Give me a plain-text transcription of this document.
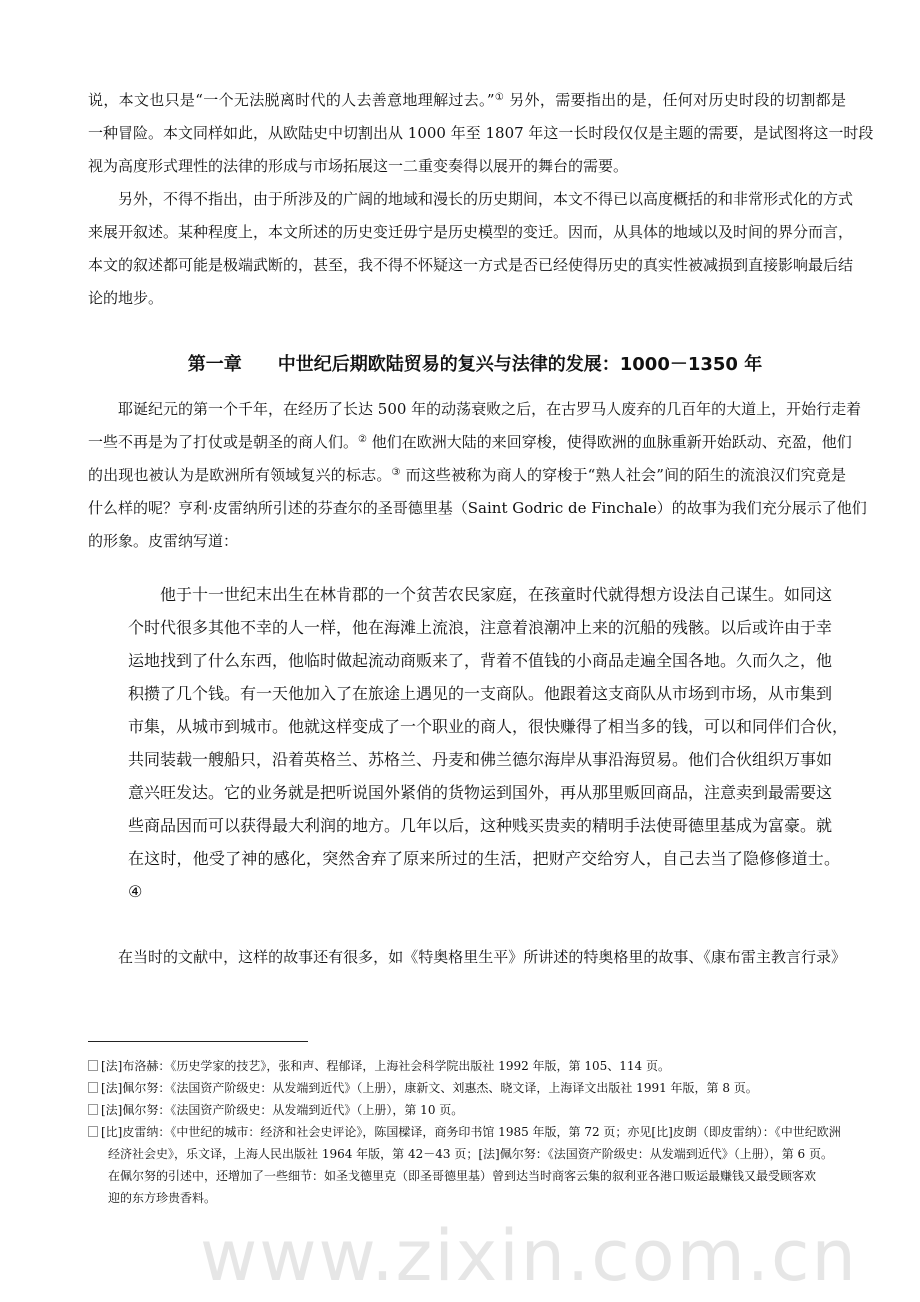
www.zixin.com.cn
说，本文也只是“一个无法脱离时代的人去善意地理解过去。”① 另外，需要指出的是，任何对历史时段的切割都是
一种冒险。本文同样如此，从欧陆史中切割出从 1000 年至 1807 年这一长时段仅仅是主题的需要，是试图将这一时段
视为高度形式理性的法律的形成与市场拓展这一二重变奏得以展开的舞台的需要。
　　另外，不得不指出，由于所涉及的广阔的地域和漫长的历史期间，本文不得已以高度概括的和非常形式化的方式
来展开叙述。某种程度上，本文所述的历史变迁毋宁是历史模型的变迁。因而，从具体的地域以及时间的界分而言，
本文的叙述都可能是极端武断的，甚至，我不得不怀疑这一方式是否已经使得历史的真实性被减损到直接影响最后结
论的地步。
第一章　　中世纪后期欧陆贸易的复兴与法律的发展：1000－1350 年
　　耶诞纪元的第一个千年，在经历了长达 500 年的动荡衰败之后，在古罗马人废弃的几百年的大道上，开始行走着
一些不再是为了打仗或是朝圣的商人们。② 他们在欧洲大陆的来回穿梭，使得欧洲的血脉重新开始跃动、充盈，他们
的出现也被认为是欧洲所有领域复兴的标志。③ 而这些被称为商人的穿梭于“熟人社会”间的陌生的流浪汉们究竟是
什么样的呢？亨利·皮雷纳所引述的芬查尔的圣哥德里基（Saint Godric de Finchale）的故事为我们充分展示了他们
的形象。皮雷纳写道：
　　他于十一世纪末出生在林肯郡的一个贫苦农民家庭，在孩童时代就得想方设法自己谋生。如同这
个时代很多其他不幸的人一样，他在海滩上流浪，注意着浪潮冲上来的沉船的残骸。以后或许由于幸
运地找到了什么东西，他临时做起流动商贩来了，背着不值钱的小商品走遍全国各地。久而久之，他
积攒了几个钱。有一天他加入了在旅途上遇见的一支商队。他跟着这支商队从市场到市场，从市集到
市集，从城市到城市。他就这样变成了一个职业的商人，很快赚得了相当多的钱，可以和同伴们合伙，
共同装载一艘船只，沿着英格兰、苏格兰、丹麦和佛兰德尔海岸从事沿海贸易。他们合伙组织万事如
意兴旺发达。它的业务就是把听说国外紧俏的货物运到国外，再从那里贩回商品，注意卖到最需要这
些商品因而可以获得最大利润的地方。几年以后，这种贱买贵卖的精明手法使哥德里基成为富豪。就
在这时，他受了神的感化，突然舍弃了原来所过的生活，把财产交给穷人，自己去当了隐修修道士。
④
　　在当时的文献中，这样的故事还有很多，如《特奥格里生平》所讲述的特奥格里的故事、《康布雷主教言行录》
[法]布洛赫：《历史学家的技艺》，张和声、程郁译，上海社会科学院出版社 1992 年版，第 105、114 页。
[法]佩尔努：《法国资产阶级史：从发端到近代》（上册），康新文、刘惠杰、晓文译，上海译文出版社 1991 年版，第 8 页。
[法]佩尔努：《法国资产阶级史：从发端到近代》（上册），第 10 页。
[比]皮雷纳：《中世纪的城市：经济和社会史评论》，陈国樑译，商务印书馆 1985 年版，第 72 页；亦见[比]皮朗（即皮雷纳）：《中世纪欧洲
经济社会史》，乐文译，上海人民出版社 1964 年版，第 42－43 页；[法]佩尔努：《法国资产阶级史：从发端到近代》（上册），第 6 页。
在佩尔努的引述中，还增加了一些细节：如圣戈德里克（即圣哥德里基）曾到达当时商客云集的叙利亚各港口贩运最赚钱又最受顾客欢
迎的东方珍贵香料。
